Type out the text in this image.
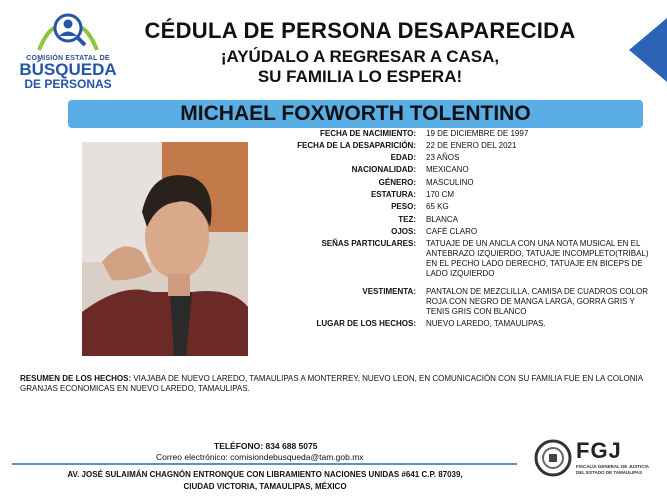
COMISIÓN ESTATAL DE
BÚSQUEDA
DE PERSONAS
CÉDULA DE PERSONA DESAPARECIDA
¡AYÚDALO A REGRESAR A CASA,
SU FAMILIA LO ESPERA!
MICHAEL FOXWORTH TOLENTINO
FECHA DE NACIMIENTO: 19 DE DICIEMBRE DE 1997
FECHA DE LA DESAPARICIÓN: 22 DE ENERO DEL 2021
EDAD: 23 AÑOS
NACIONALIDAD: MEXICANO
GÉNERO: MASCULINO
ESTATURA: 170 CM
PESO: 65 KG
TEZ: BLANCA
OJOS: CAFÉ CLARO
SEÑAS PARTICULARES: TATUAJE DE UN ANCLA CON UNA NOTA MUSICAL EN EL ANTEBRAZO IZQUIERDO, TATUAJE INCOMPLETO(TRIBAL) EN EL PECHO LADO DERECHO, TATUAJE EN BICEPS DE LADO IZQUIERDO
VESTIMENTA: PANTALON DE MEZCLILLA, CAMISA DE CUADROS COLOR ROJA CON NEGRO DE MANGA LARGA, GORRA GRIS Y TENIS GRIS CON BLANCO
LUGAR DE LOS HECHOS: NUEVO LAREDO, TAMAULIPAS.
RESUMEN DE LOS HECHOS: VIAJABA DE NUEVO LAREDO, TAMAULIPAS A MONTERREY, NUEVO LEON, EN COMUNICACIÓN CON SU FAMILIA FUE EN LA COLONIA GRANJAS ECONOMICAS EN NUEVO LAREDO, TAMAULIPAS.
TELÉFONO: 834 688 5075
Correo electrónico: comisiondebusqueda@tam.gob.mx
AV. JOSÉ SULAIMÁN CHAGNÓN ENTRONQUE CON LIBRAMIENTO NACIONES UNIDAS #641 C.P. 87039,
CIUDAD VICTORIA, TAMAULIPAS, MÉXICO
FGJ
FISCALÍA GENERAL DE JUSTICIA DEL ESTADO DE TAMAULIPAS
